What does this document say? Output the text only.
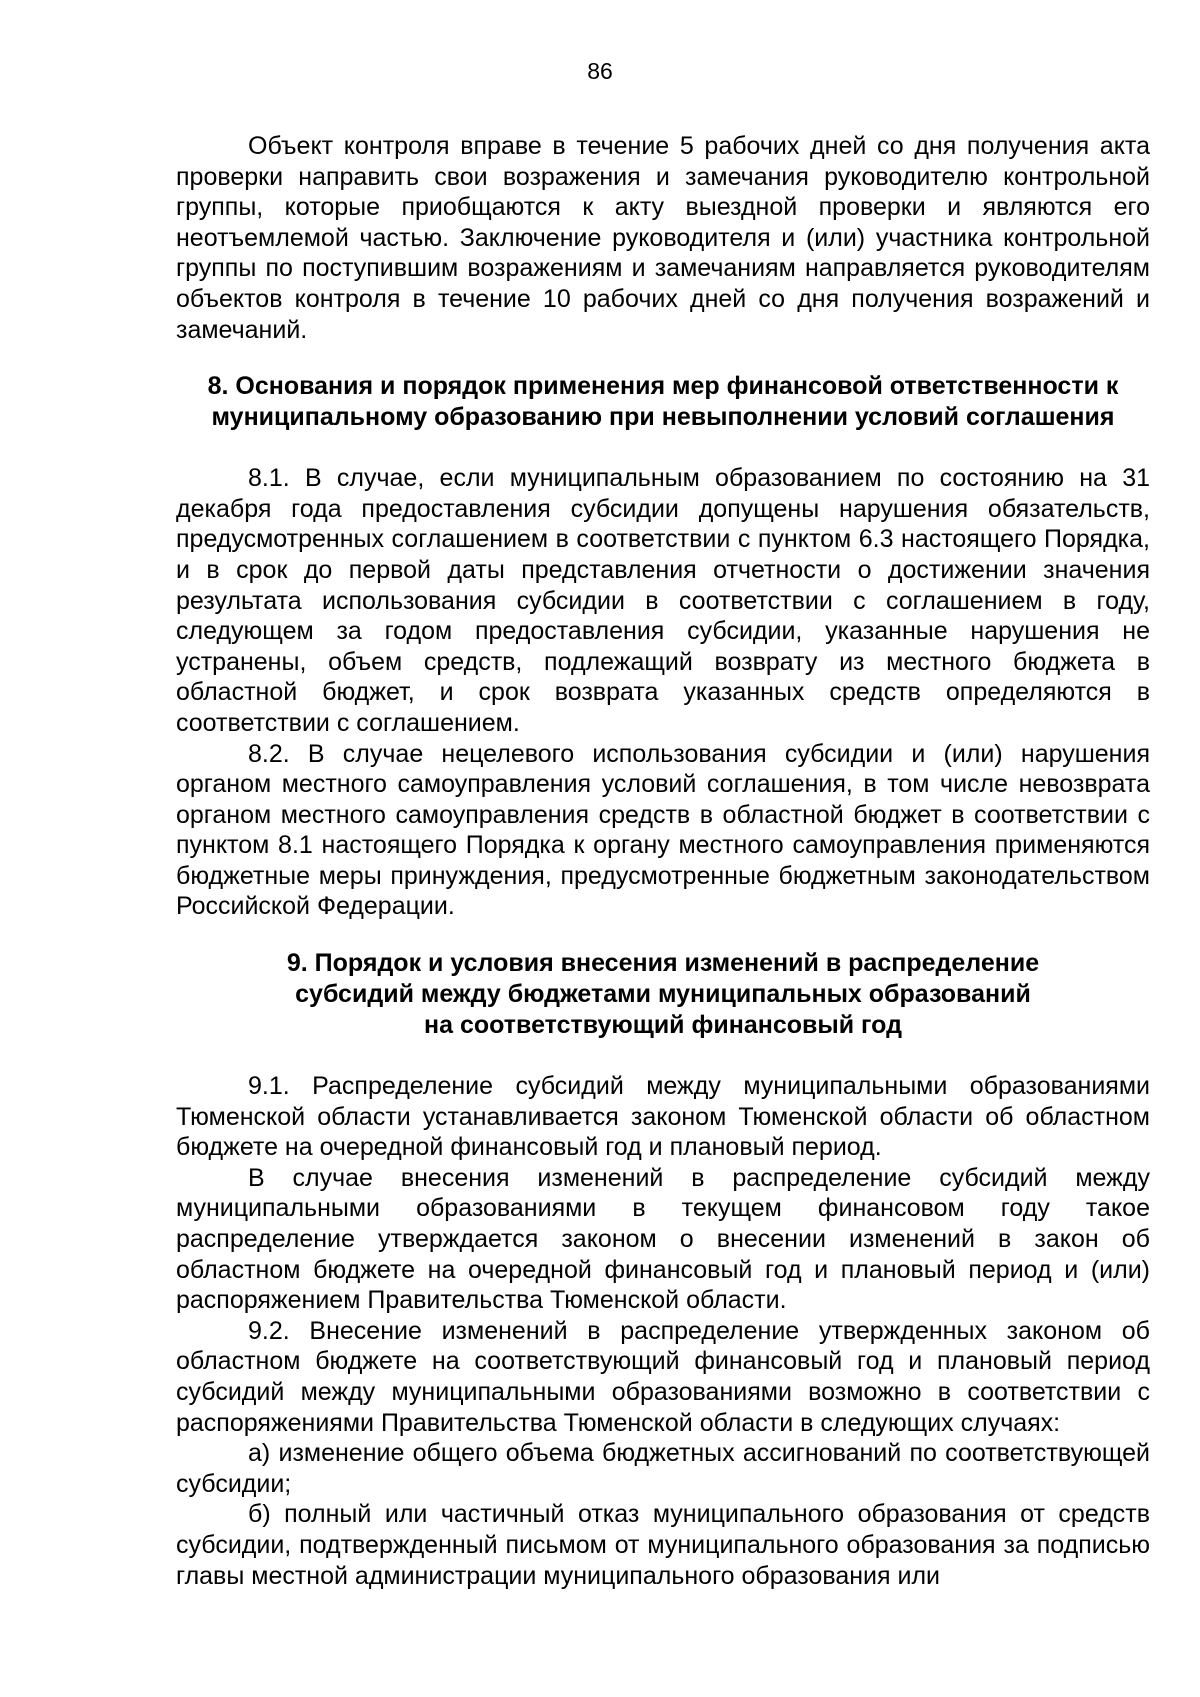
86

Объект контроля вправе в течение 5 рабочих дней со дня получения акта проверки направить свои возражения и замечания руководителю контрольной группы, которые приобщаются к акту выездной проверки и являются его неотъемлемой частью. Заключение руководителя и (или) участника контрольной группы по поступившим возражениям и замечаниям направляется руководителям объектов контроля в течение 10 рабочих дней со дня получения возражений и замечаний.

8. Основания и порядок применения мер финансовой ответственности к
муниципальному образованию при невыполнении условий соглашения

8.1. В случае, если муниципальным образованием по состоянию на 31 декабря года предоставления субсидии допущены нарушения обязательств, предусмотренных соглашением в соответствии с пунктом 6.3 настоящего Порядка, и в срок до первой даты представления отчетности о достижении значения результата использования субсидии в соответствии с соглашением в году, следующем за годом предоставления субсидии, указанные нарушения не устранены, объем средств, подлежащий возврату из местного бюджета в областной бюджет, и срок возврата указанных средств определяются в соответствии с соглашением.

8.2. В случае нецелевого использования субсидии и (или) нарушения органом местного самоуправления условий соглашения, в том числе невозврата органом местного самоуправления средств в областной бюджет в соответствии с пунктом 8.1 настоящего Порядка к органу местного самоуправления применяются бюджетные меры принуждения, предусмотренные бюджетным законодательством Российской Федерации.

9. Порядок и условия внесения изменений в распределение
субсидий между бюджетами муниципальных образований
на соответствующий финансовый год

9.1. Распределение субсидий между муниципальными образованиями Тюменской области устанавливается законом Тюменской области об областном бюджете на очередной финансовый год и плановый период.

В случае внесения изменений в распределение субсидий между муниципальными образованиями в текущем финансовом году такое распределение утверждается законом о внесении изменений в закон об областном бюджете на очередной финансовый год и плановый период и (или) распоряжением Правительства Тюменской области.

9.2. Внесение изменений в распределение утвержденных законом об областном бюджете на соответствующий финансовый год и плановый период субсидий между муниципальными образованиями возможно в соответствии с распоряжениями Правительства Тюменской области в следующих случаях:

а) изменение общего объема бюджетных ассигнований по соответствующей субсидии;

б) полный или частичный отказ муниципального образования от средств субсидии, подтвержденный письмом от муниципального образования за подписью главы местной администрации муниципального образования или
